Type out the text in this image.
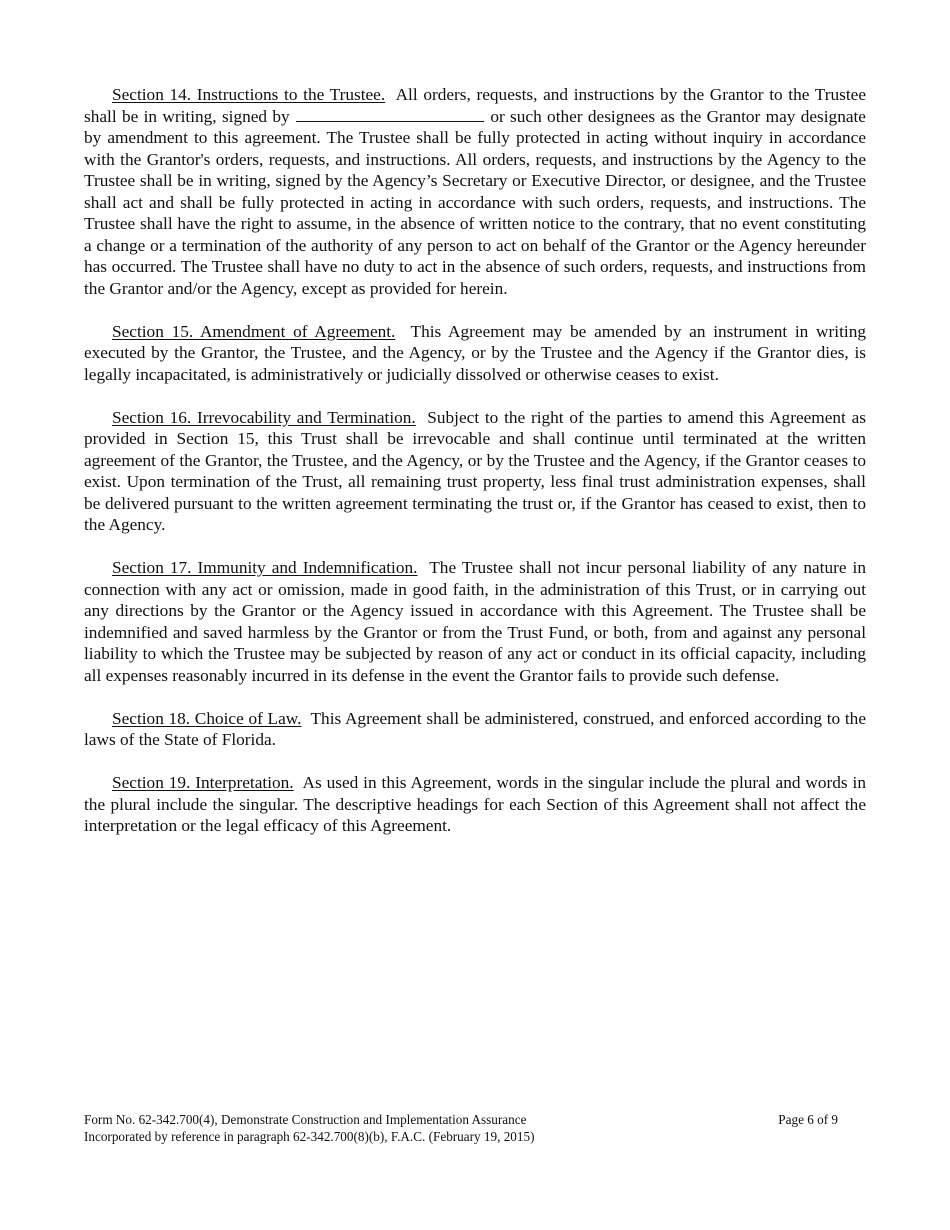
Section 14. Instructions to the Trustee. All orders, requests, and instructions by the Grantor to the Trustee shall be in writing, signed by	or such other designees as the Grantor may designate by amendment to this agreement. The Trustee shall be fully protected in acting without inquiry in accordance with the Grantor's orders, requests, and instructions. All orders, requests, and instructions by the Agency to the Trustee shall be in writing, signed by the Agency’s Secretary or Executive Director, or designee, and the Trustee shall act and shall be fully protected in acting in accordance with such orders, requests, and instructions. The Trustee shall have the right to assume, in the absence of written notice to the contrary, that no event constituting a change or a termination of the authority of any person to act on behalf of the Grantor or the Agency hereunder has occurred. The Trustee shall have no duty to act in the absence of such orders, requests, and instructions from the Grantor and/or the Agency, except as provided for herein.

Section 15. Amendment of Agreement. This Agreement may be amended by an instrument in writing executed by the Grantor, the Trustee, and the Agency, or by the Trustee and the Agency if the Grantor dies, is legally incapacitated, is administratively or judicially dissolved or otherwise ceases to exist.

Section 16. Irrevocability and Termination. Subject to the right of the parties to amend this Agreement as provided in Section 15, this Trust shall be irrevocable and shall continue until terminated at the written agreement of the Grantor, the Trustee, and the Agency, or by the Trustee and the Agency, if the Grantor ceases to exist. Upon termination of the Trust, all remaining trust property, less final trust administration expenses, shall be delivered pursuant to the written agreement terminating the trust or, if the Grantor has ceased to exist, then to the Agency.

Section 17. Immunity and Indemnification. The Trustee shall not incur personal liability of any nature in connection with any act or omission, made in good faith, in the administration of this Trust, or in carrying out any directions by the Grantor or the Agency issued in accordance with this Agreement. The Trustee shall be indemnified and saved harmless by the Grantor or from the Trust Fund, or both, from and against any personal liability to which the Trustee may be subjected by reason of any act or conduct in its official capacity, including all expenses reasonably incurred in its defense in the event the Grantor fails to provide such defense.

Section 18. Choice of Law. This Agreement shall be administered, construed, and enforced according to the laws of the State of Florida.

Section 19. Interpretation. As used in this Agreement, words in the singular include the plural and words in the plural include the singular. The descriptive headings for each Section of this Agreement shall not affect the interpretation or the legal efficacy of this Agreement.

Form No. 62-342.700(4), Demonstrate Construction and Implementation Assurance	Page 6 of 9
Incorporated by reference in paragraph 62-342.700(8)(b), F.A.C. (February 19, 2015)
